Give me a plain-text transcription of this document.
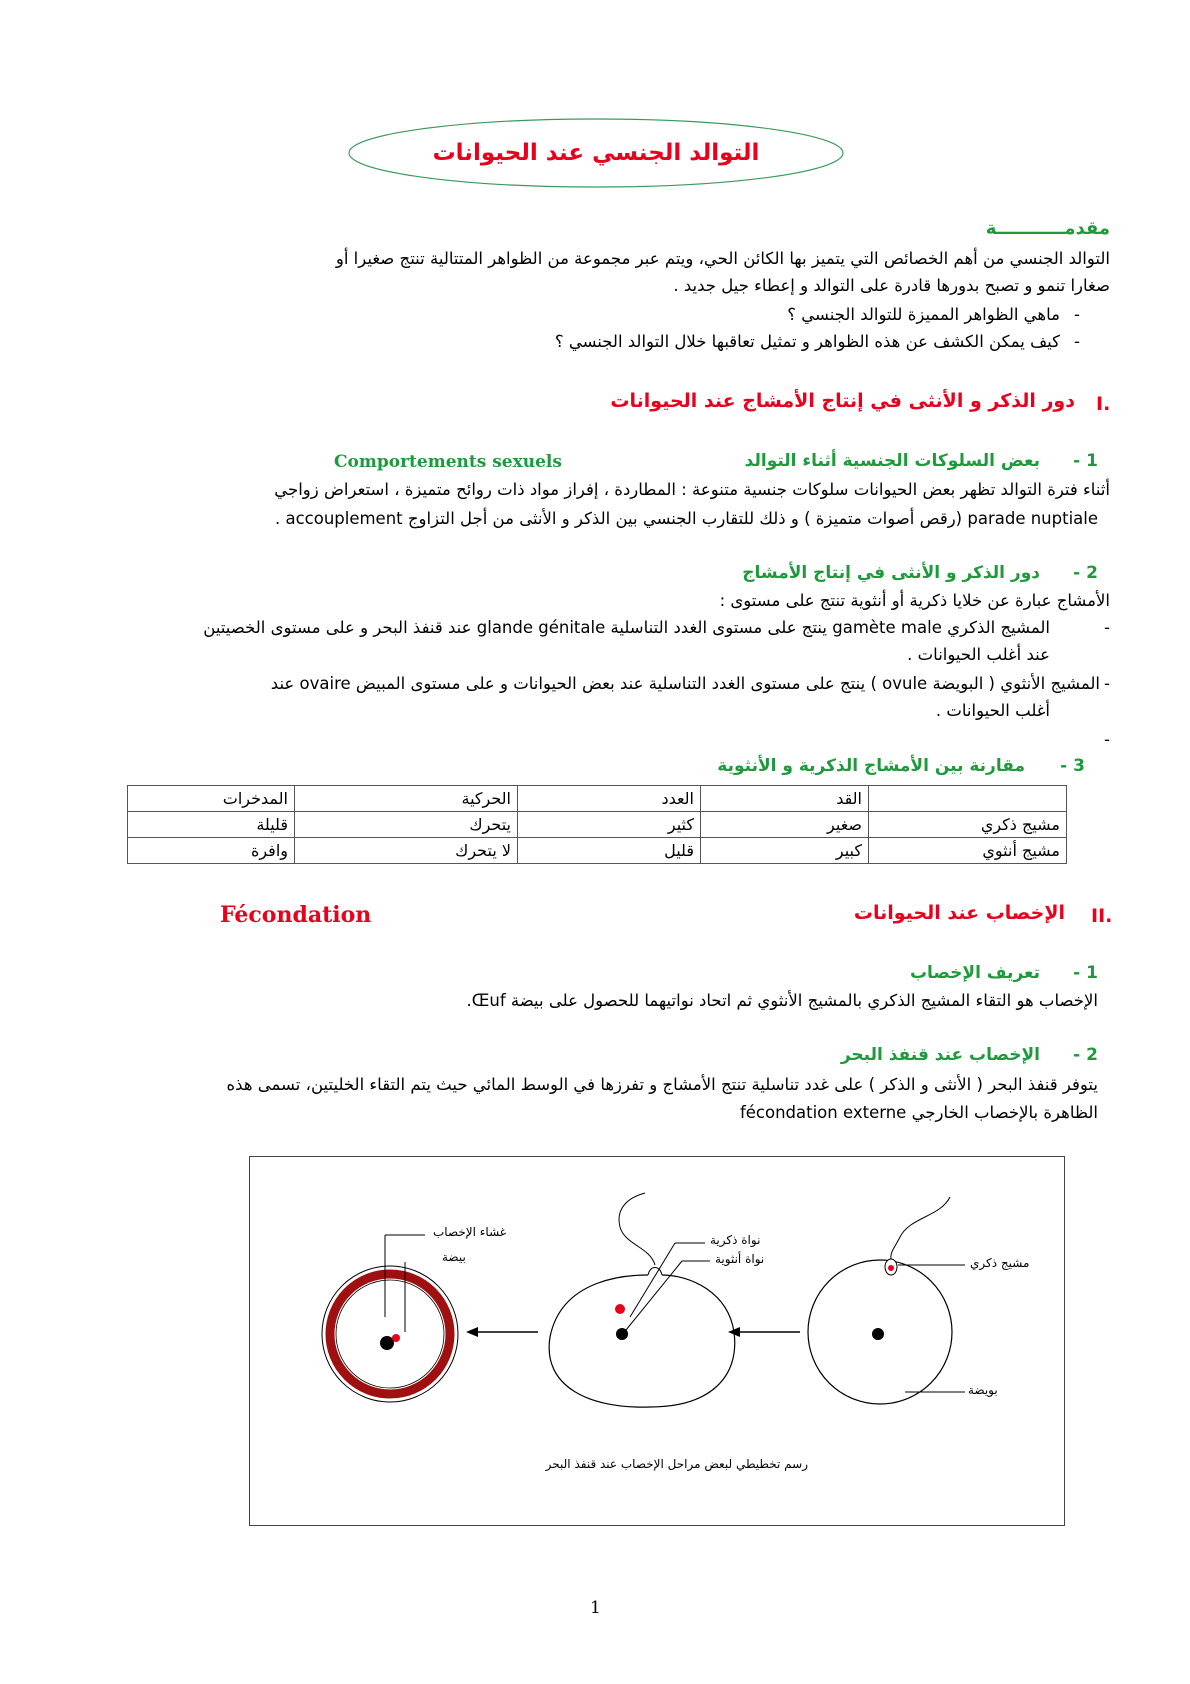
التوالد الجنسي عند الحيوانات
مقدمـــــــــــة
التوالد الجنسي من أهم الخصائص التي يتميز بها الكائن الحي، ويتم عبر مجموعة من الظواهر المتتالية تنتج صغيرا أو
صغارا تنمو و تصبح بدورها قادرة على التوالد و إعطاء جيل جديد .
-
ماهي الظواهر المميزة للتوالد الجنسي ؟
-
كيف يمكن الكشف عن هذه الظواهر و تمثيل تعاقبها خلال التوالد الجنسي ؟
I.
دور الذكر و الأنثى في إنتاج الأمشاج عند الحيوانات
1 -
بعض السلوكات الجنسية أثناء التوالد
Comportements sexuels
أثناء فترة التوالد تظهر بعض الحيوانات سلوكات جنسية متنوعة : المطاردة ، إفراز مواد ذات روائح متميزة ، استعراض زواجي
parade nuptiale (رقص أصوات متميزة ) و ذلك للتقارب الجنسي بين الذكر و الأنثى من أجل التزاوج accouplement .
2 -
دور الذكر و الأنثى في إنتاج الأمشاج
الأمشاج عبارة عن خلايا ذكرية أو أنثوية تنتج على مستوى :
-
المشيج الذكري gamète male ينتج على مستوى الغدد التناسلية glande génitale عند قنفذ البحر و على مستوى الخصيتين
عند أغلب الحيوانات .
-
المشيج الأنثوي ( البويضة ovule ) ينتج على مستوى الغدد التناسلية عند بعض الحيوانات و على مستوى المبيض ovaire عند
أغلب الحيوانات .
-
3 -
مقارنة بين الأمشاج الذكرية و الأنثوية
	القد	العدد	الحركية	المدخرات
مشيج ذكري	صغير	كثير	يتحرك	قليلة
مشيج أنثوي	كبير	قليل	لا يتحرك	وافرة
II.
الإخصاب عند الحيوانات
Fécondation
1 -
تعريف الإخصاب
الإخصاب هو التقاء المشيج الذكري بالمشيج الأنثوي ثم اتحاد نواتيهما للحصول على بيضة Œuf.
2 -
الإخصاب عند قنفذ البحر
يتوفر قنفذ البحر ( الأنثى و الذكر ) على غدد تناسلية تنتج الأمشاج و تفرزها في الوسط المائي حيث يتم التقاء الخليتين، تسمى هذه
الظاهرة بالإخصاب الخارجي fécondation externe
غشاء الإخصاب
بيضة
نواة ذكرية
نواة أنثوية	مشيج ذكري
بويضة
رسم تخطيطي لبعض مراحل الإخصاب عند قنفذ البحر
1
